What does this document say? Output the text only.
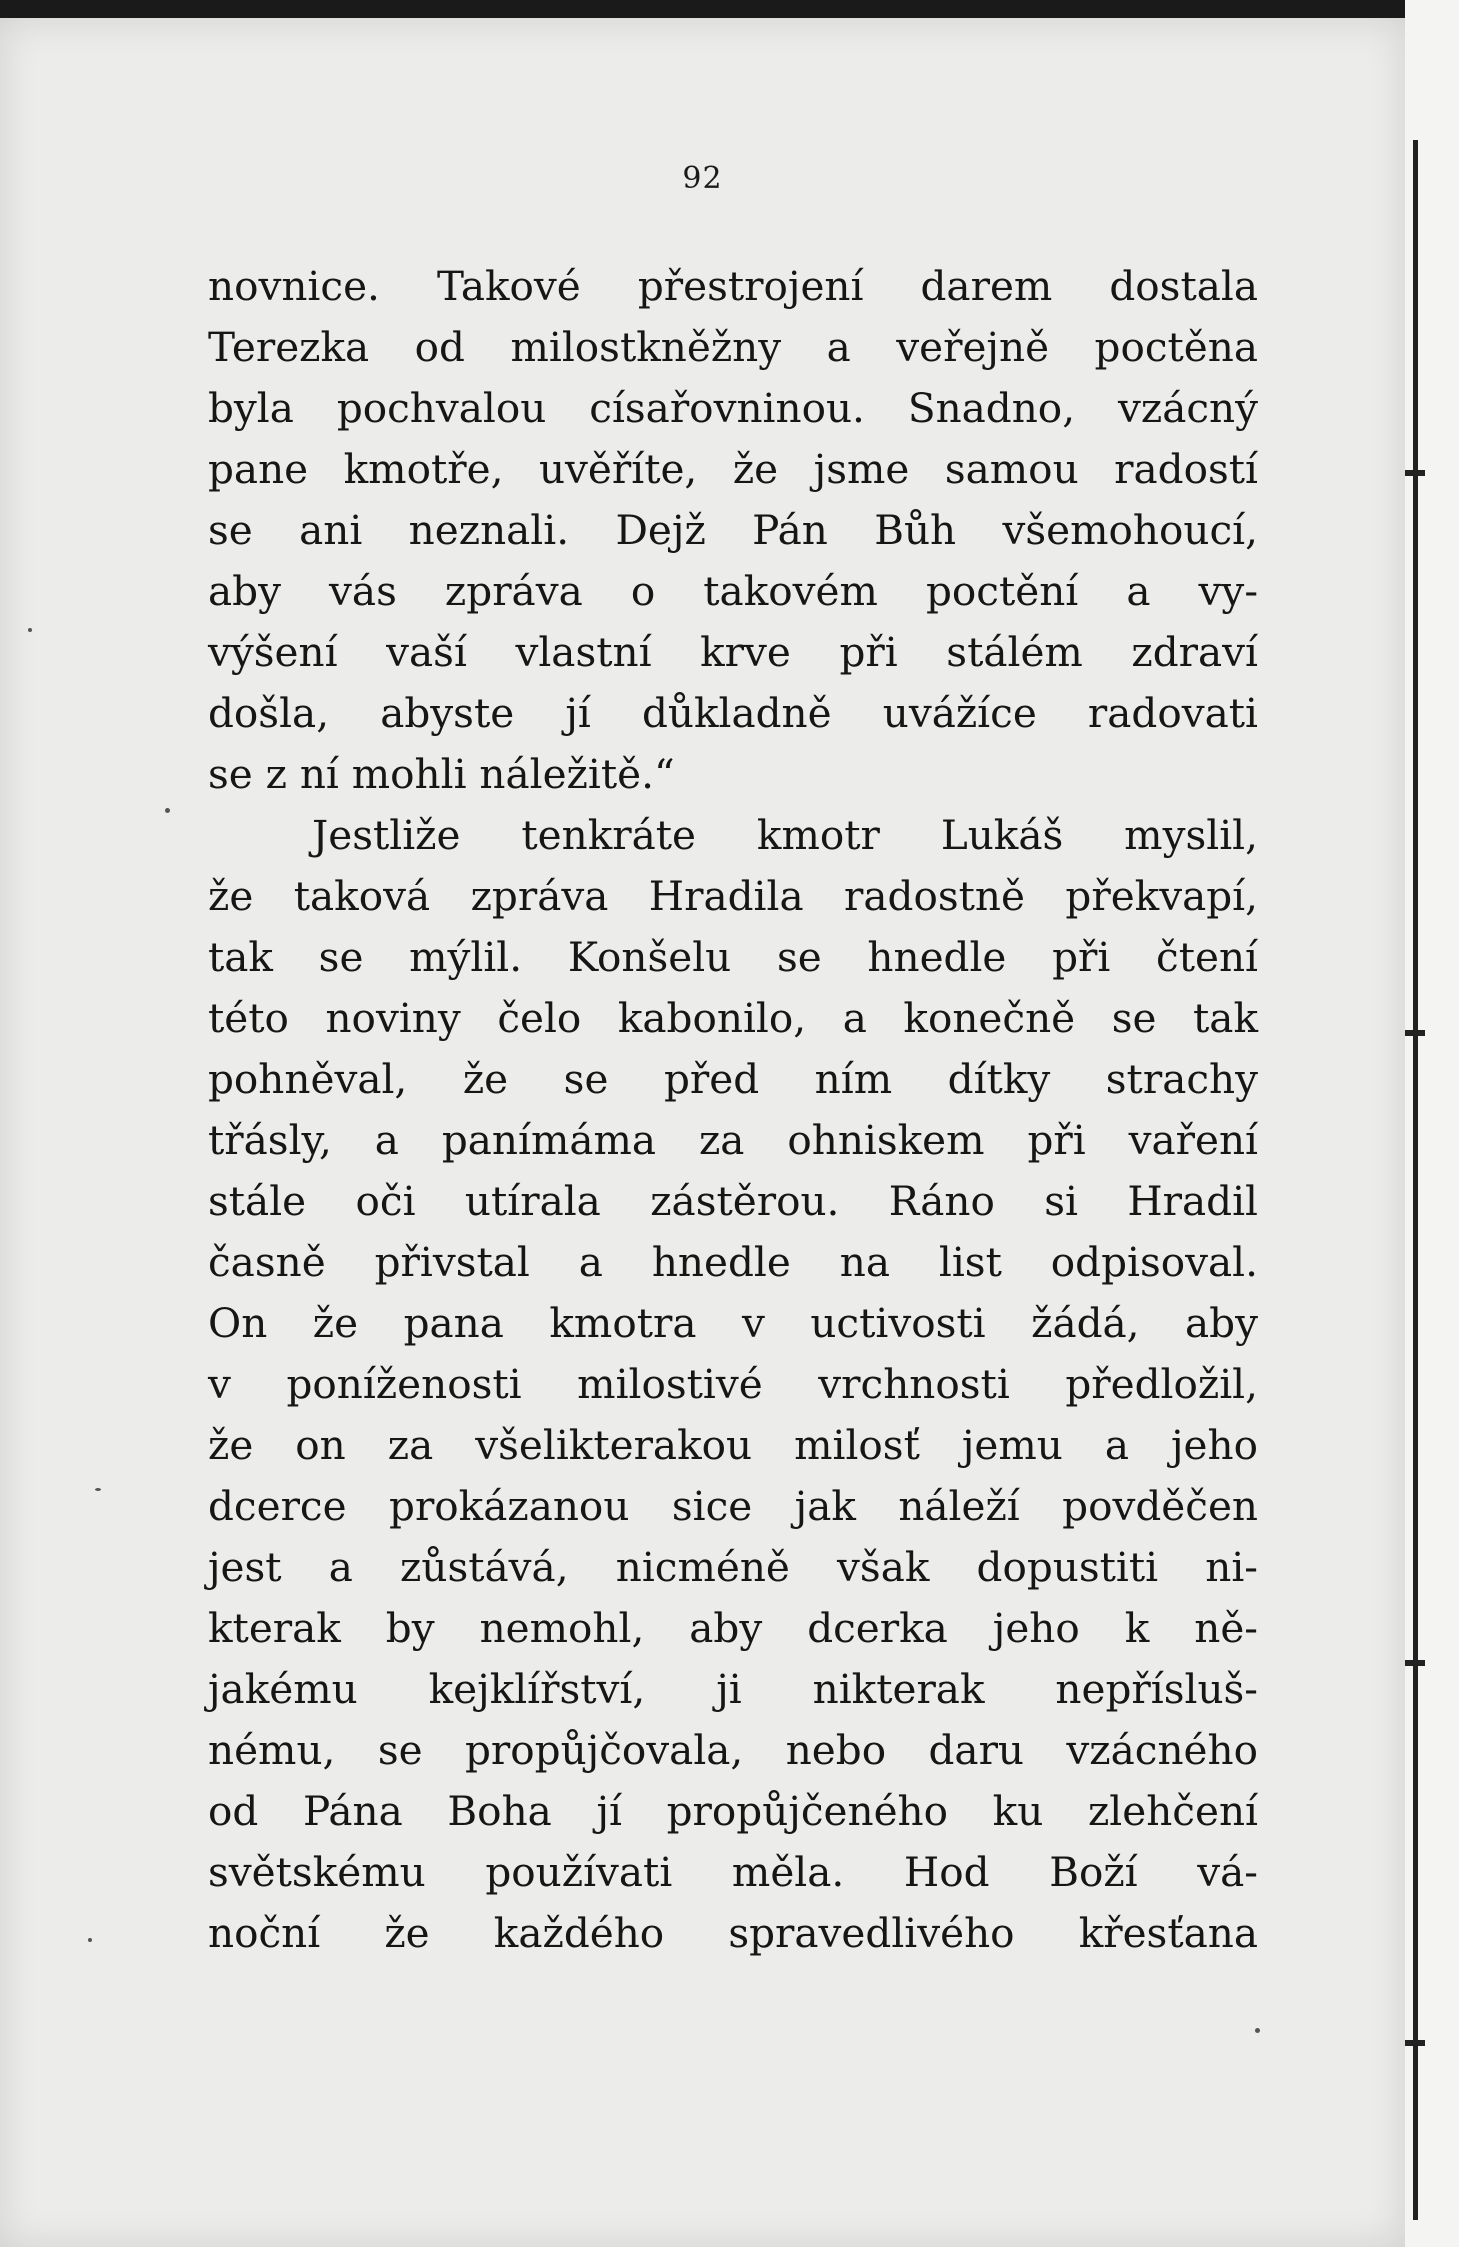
92
novnice. Takové přestrojení darem dostala
Terezka od milostkněžny a veřejně poctěna
byla pochvalou císařovninou. Snadno, vzácný
pane kmotře, uvěříte, že jsme samou radostí
se ani neznali. Dejž Pán Bůh všemohoucí,
aby vás zpráva o takovém poctění a vy-
výšení vaší vlastní krve při stálém zdraví
došla, abyste jí důkladně uvážíce radovati
se z ní mohli náležitě.“
Jestliže tenkráte kmotr Lukáš myslil,
že taková zpráva Hradila radostně překvapí,
tak se mýlil. Konšelu se hnedle při čtení
této noviny čelo kabonilo, a konečně se tak
pohněval, že se před ním dítky strachy
třásly, a panímáma za ohniskem při vaření
stále oči utírala zástěrou. Ráno si Hradil
časně přivstal a hnedle na list odpisoval.
On že pana kmotra v uctivosti žádá, aby
v poníženosti milostivé vrchnosti předložil,
že on za všelikterakou milosť jemu a jeho
dcerce prokázanou sice jak náleží povděčen
jest a zůstává, nicméně však dopustiti ni-
kterak by nemohl, aby dcerka jeho k ně-
jakému kejklířství, ji nikterak nepřísluš-
nému, se propůjčovala, nebo daru vzácného
od Pána Boha jí propůjčeného ku zlehčení
světskému používati měla. Hod Boží vá-
noční že každého spravedlivého křesťana
